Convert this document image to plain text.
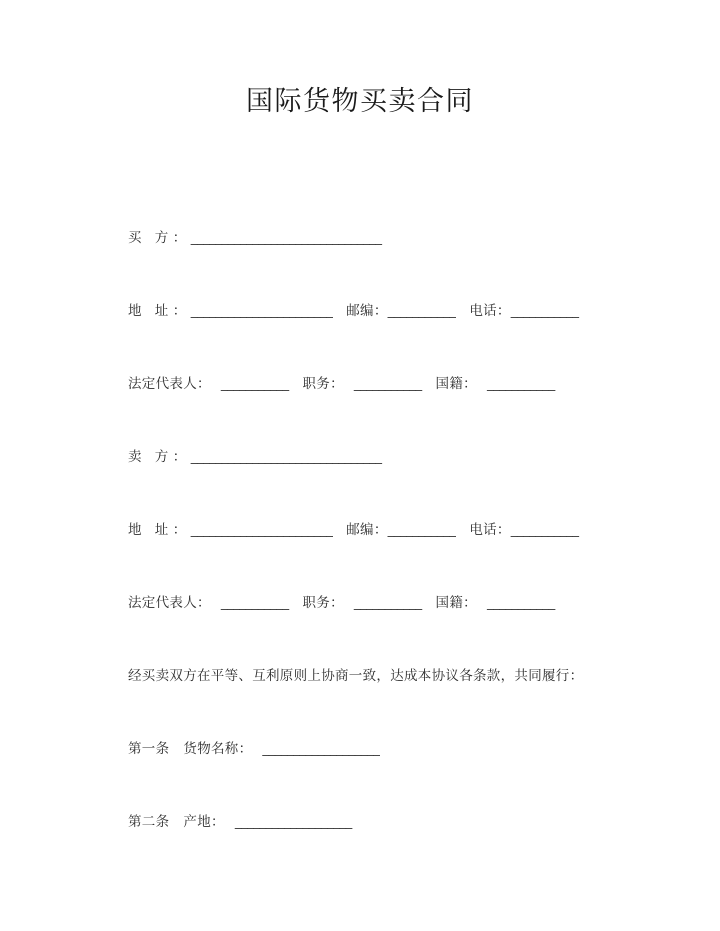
国际货物买卖合同
买 方：_______________________________
地 址：_______________________ 邮编：___________ 电话：___________
法定代表人： ___________ 职务： ___________ 国籍： ___________
卖 方：_______________________________
地 址：_______________________ 邮编：___________ 电话：___________
法定代表人： ___________ 职务： ___________ 国籍： ___________
经买卖双方在平等、互利原则上协商一致，达成本协议各条款，共同履行：
第一条 货物名称： ___________________
第二条 产地： ___________________
